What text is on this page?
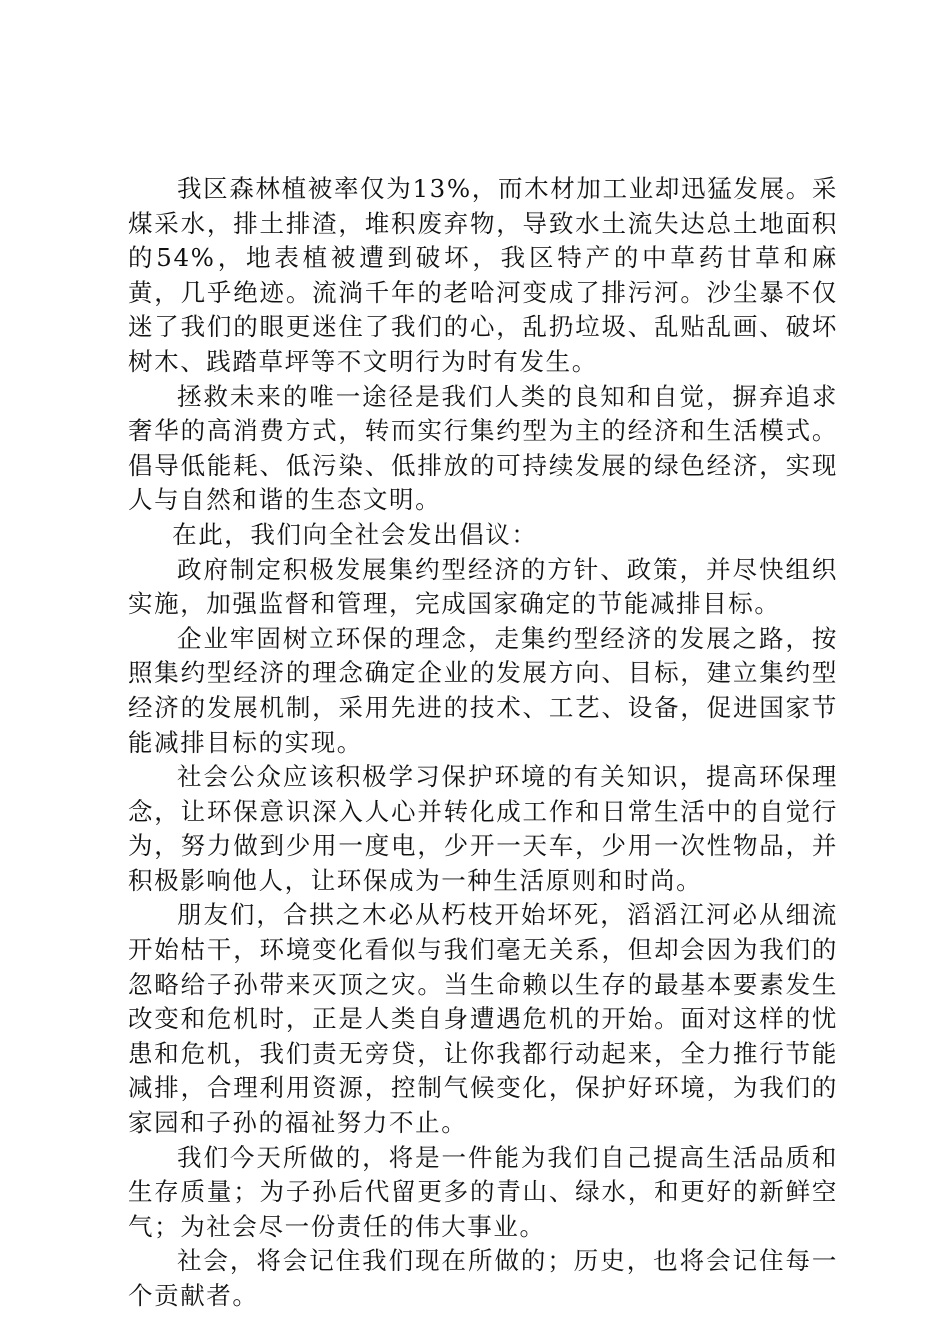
我区森林植被率仅为13%，而木材加工业却迅猛发展。采煤采水，排土排渣，堆积废弃物，导致水土流失达总土地面积的54%，地表植被遭到破坏，我区特产的中草药甘草和麻黄，几乎绝迹。流淌千年的老哈河变成了排污河。沙尘暴不仅迷了我们的眼更迷住了我们的心，乱扔垃圾、乱贴乱画、破坏树木、践踏草坪等不文明行为时有发生。

拯救未来的唯一途径是我们人类的良知和自觉，摒弃追求奢华的高消费方式，转而实行集约型为主的经济和生活模式。倡导低能耗、低污染、低排放的可持续发展的绿色经济，实现人与自然和谐的生态文明。

在此，我们向全社会发出倡议：

政府制定积极发展集约型经济的方针、政策，并尽快组织实施，加强监督和管理，完成国家确定的节能减排目标。

企业牢固树立环保的理念，走集约型经济的发展之路，按照集约型经济的理念确定企业的发展方向、目标，建立集约型经济的发展机制，采用先进的技术、工艺、设备，促进国家节能减排目标的实现。

社会公众应该积极学习保护环境的有关知识，提高环保理念，让环保意识深入人心并转化成工作和日常生活中的自觉行为，努力做到少用一度电，少开一天车，少用一次性物品，并积极影响他人，让环保成为一种生活原则和时尚。

朋友们，合拱之木必从朽枝开始坏死，滔滔江河必从细流开始枯干，环境变化看似与我们毫无关系，但却会因为我们的忽略给子孙带来灭顶之灾。当生命赖以生存的最基本要素发生改变和危机时，正是人类自身遭遇危机的开始。面对这样的忧患和危机，我们责无旁贷，让你我都行动起来，全力推行节能减排，合理利用资源，控制气候变化，保护好环境，为我们的家园和子孙的福祉努力不止。

我们今天所做的，将是一件能为我们自己提高生活品质和生存质量；为子孙后代留更多的青山、绿水，和更好的新鲜空气；为社会尽一份责任的伟大事业。

社会，将会记住我们现在所做的；历史，也将会记住每一个贡献者。
